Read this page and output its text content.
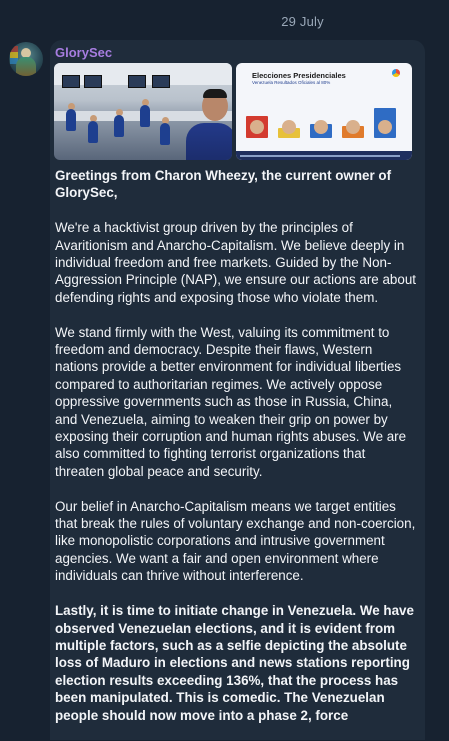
29 July
GlorySec
Elecciones Presidenciales
Venezuela Resultados Oficiales al 80%

Greetings from Charon Wheezy, the current owner of GlorySec,

We're a hacktivist group driven by the principles of Avaritionism and Anarcho-Capitalism. We believe deeply in individual freedom and free markets. Guided by the Non-Aggression Principle (NAP), we ensure our actions are about defending rights and exposing those who violate them.

We stand firmly with the West, valuing its commitment to freedom and democracy. Despite their flaws, Western nations provide a better environment for individual liberties compared to authoritarian regimes. We actively oppose oppressive governments such as those in Russia, China, and Venezuela, aiming to weaken their grip on power by exposing their corruption and human rights abuses. We are also committed to fighting terrorist organizations that threaten global peace and security.

Our belief in Anarcho-Capitalism means we target entities that break the rules of voluntary exchange and non-coercion, like monopolistic corporations and intrusive government agencies. We want a fair and open environment where individuals can thrive without interference.

Lastly, it is time to initiate change in Venezuela. We have observed Venezuelan elections, and it is evident from multiple factors, such as a selfie depicting the absolute loss of Maduro in elections and news stations reporting election results exceeding 136%, that the process has been manipulated. This is comedic. The Venezuelan people should now move into a phase 2, force
